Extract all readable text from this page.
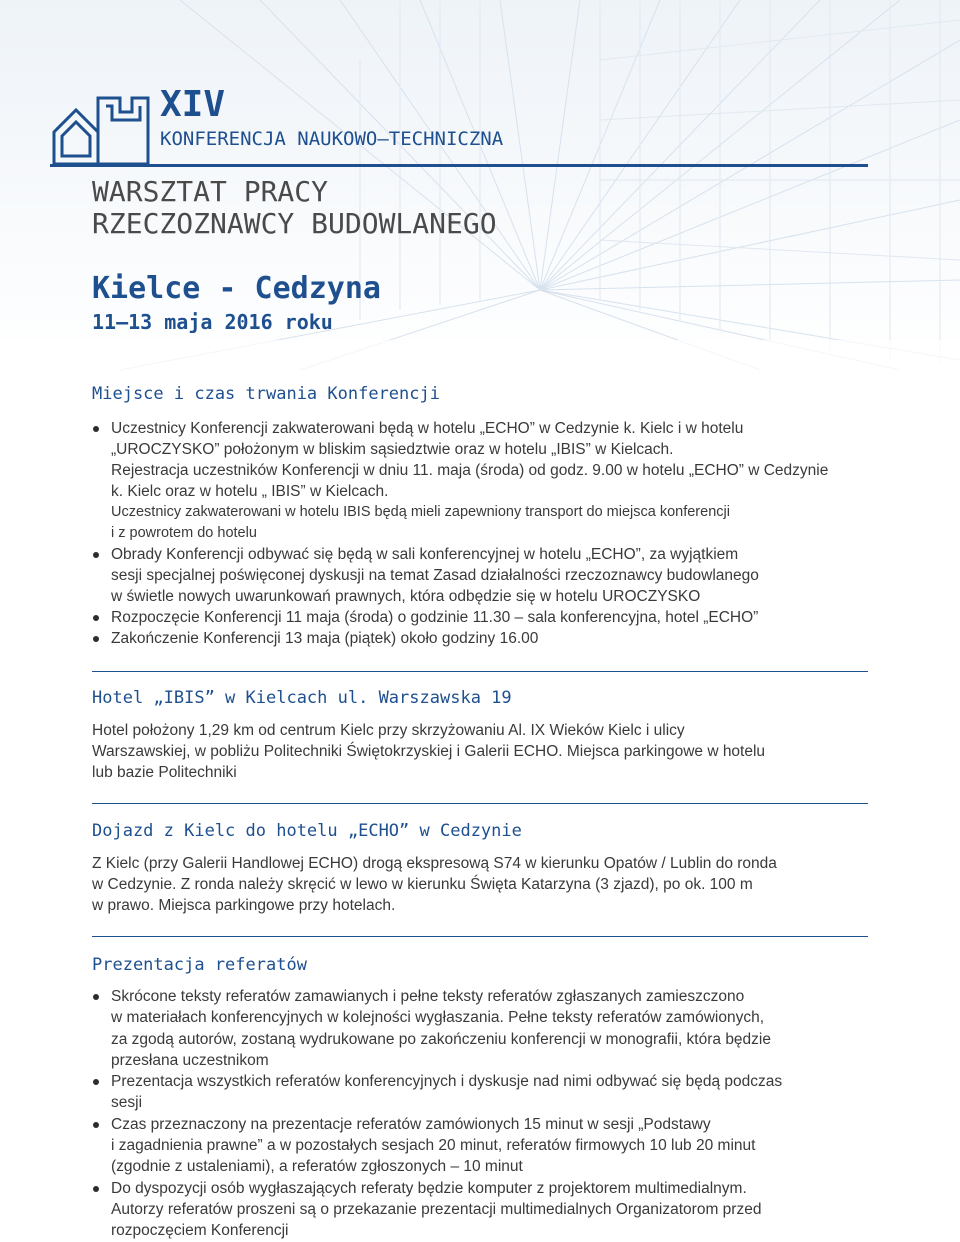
XIV
KONFERENCJA NAUKOWO–TECHNICZNA
WARSZTAT PRACY
RZECZOZNAWCY BUDOWLANEGO
Kielce - Cedzyna
11–13 maja 2016 roku
Miejsce i czas trwania Konferencji
Uczestnicy Konferencji zakwaterowani będą w hotelu „ECHO” w Cedzynie k. Kielc i w hotelu
„UROCZYSKO” położonym w bliskim sąsiedztwie oraz w hotelu „IBIS” w Kielcach.
Rejestracja uczestników Konferencji w dniu 11. maja (środa) od godz. 9.00 w hotelu „ECHO” w Cedzynie
k. Kielc oraz w hotelu „ IBIS” w Kielcach.
Uczestnicy zakwaterowani w hotelu IBIS będą mieli zapewniony transport do miejsca konferencji
i z powrotem do hotelu
Obrady Konferencji odbywać się będą w sali konferencyjnej w hotelu „ECHO”, za wyjątkiem
sesji specjalnej poświęconej dyskusji na temat Zasad działalności rzeczoznawcy budowlanego
w świetle nowych uwarunkowań prawnych, która odbędzie się w hotelu UROCZYSKO
Rozpoczęcie Konferencji 11 maja (środa) o godzinie 11.30 – sala konferencyjna, hotel „ECHO”
Zakończenie Konferencji 13 maja (piątek) około godziny 16.00
Hotel „IBIS” w Kielcach ul. Warszawska 19
Hotel położony 1,29 km od centrum Kielc przy skrzyżowaniu Al. IX Wieków Kielc i ulicy
Warszawskiej, w pobliżu Politechniki Świętokrzyskiej i Galerii ECHO. Miejsca parkingowe w hotelu
lub bazie Politechniki
Dojazd z Kielc do hotelu „ECHO” w Cedzynie
Z Kielc (przy Galerii Handlowej ECHO) drogą ekspresową S74 w kierunku Opatów / Lublin do ronda
w Cedzynie. Z ronda należy skręcić w lewo w kierunku Święta Katarzyna (3 zjazd), po ok. 100 m
w prawo. Miejsca parkingowe przy hotelach.
Prezentacja referatów
Skrócone teksty referatów zamawianych i pełne teksty referatów zgłaszanych zamieszczono
w materiałach konferencyjnych w kolejności wygłaszania. Pełne teksty referatów zamówionych,
za zgodą autorów, zostaną wydrukowane po zakończeniu konferencji w monografii, która będzie
przesłana uczestnikom
Prezentacja wszystkich referatów konferencyjnych i dyskusje nad nimi odbywać się będą podczas
sesji
Czas przeznaczony na prezentacje referatów zamówionych 15 minut w sesji „Podstawy
i zagadnienia prawne” a w pozostałych sesjach 20 minut, referatów firmowych 10 lub 20 minut
(zgodnie z ustaleniami), a referatów zgłoszonych – 10 minut
Do dyspozycji osób wygłaszających referaty będzie komputer z projektorem multimedialnym.
Autorzy referatów proszeni są o przekazanie prezentacji multimedialnych Organizatorom przed
rozpoczęciem Konferencji
